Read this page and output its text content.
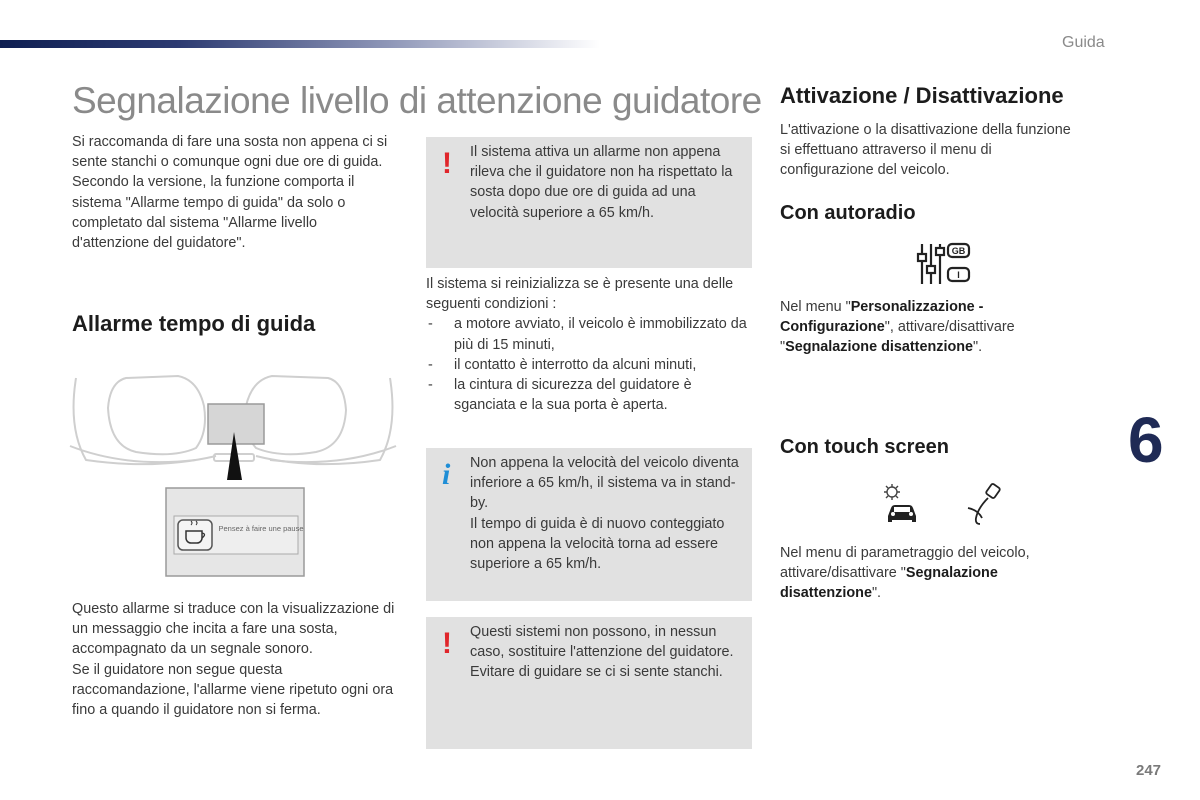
Guida
6
247
Segnalazione livello di attenzione guidatore

Si raccomanda di fare una sosta non appena ci si sente stanchi o comunque ogni due ore di guida.

Secondo la versione, la funzione comporta il sistema "Allarme tempo di guida" da solo o completato dal sistema "Allarme livello d'attenzione del guidatore".

Allarme tempo di guida
Pensez à faire une pause

Questo allarme si traduce con la visualizzazione di un messaggio che incita a fare una sosta, accompagnato da un segnale sonoro.

Se il guidatore non segue questa raccomandazione, l'allarme viene ripetuto ogni ora fino a quando il guidatore non si ferma.

! Il sistema attiva un allarme non appena rileva che il guidatore non ha rispettato la sosta dopo due ore di guida ad una velocità superiore a 65 km/h.

Il sistema si reinizializza se è presente una delle seguenti condizioni :

- a motore avviato, il veicolo è immobilizzato da più di 15 minuti,
- il contatto è interrotto da alcuni minuti,
- la cintura di sicurezza del guidatore è sganciata e la sua porta è aperta.
i Non appena la velocità del veicolo diventa inferiore a 65 km/h, il sistema va in stand-by.

Il tempo di guida è di nuovo conteggiato non appena la velocità torna ad essere superiore a 65 km/h.

! Questi sistemi non possono, in nessun caso, sostituire l'attenzione del guidatore.

Evitare di guidare se ci si sente stanchi.

Attivazione / Disattivazione

L'attivazione o la disattivazione della funzione si effettuano attraverso il menu di configurazione del veicolo.

Con autoradio
GB
I

Nel menu "Personalizzazione - Configurazione", attivare/disattivare "Segnalazione disattenzione".

Con touch screen

Nel menu di parametraggio del veicolo, attivare/disattivare "Segnalazione disattenzione".
